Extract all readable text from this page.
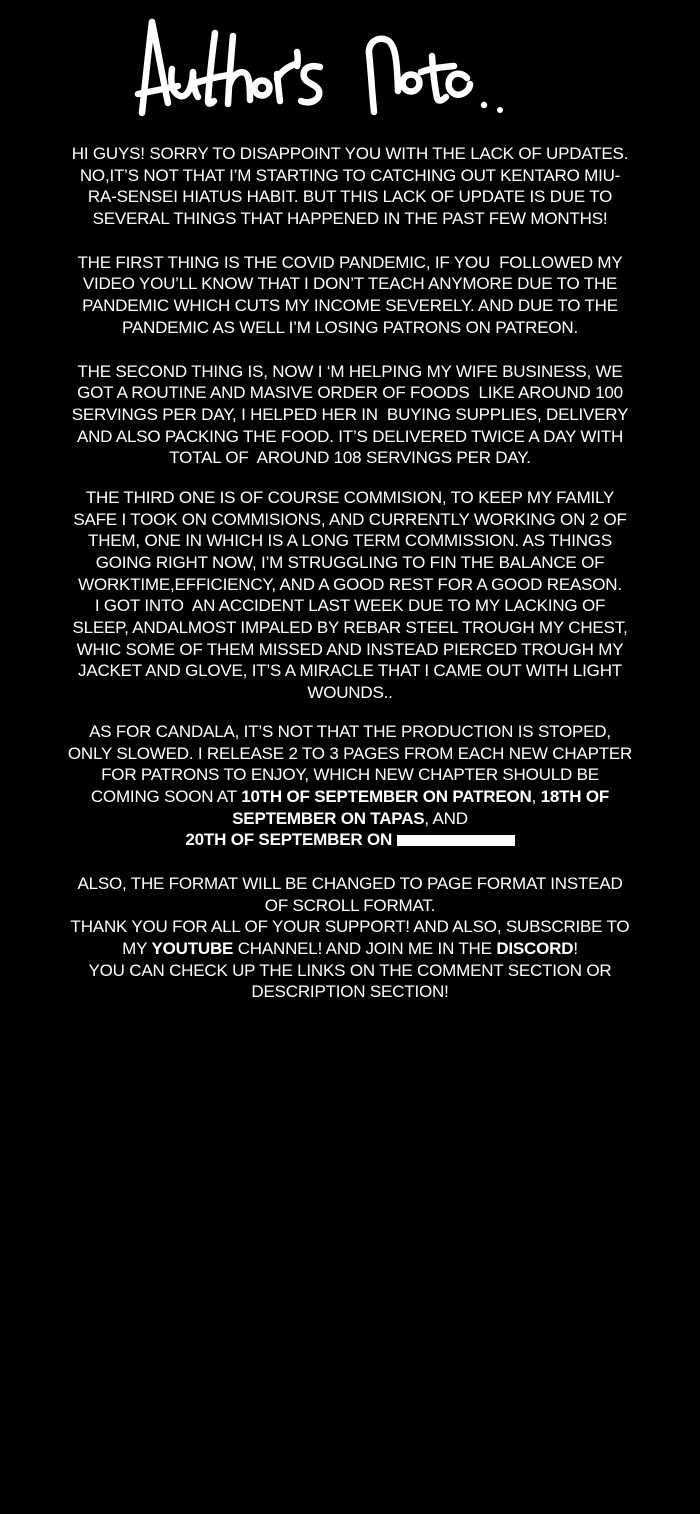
HI GUYS! SORRY TO DISAPPOINT YOU WITH THE LACK OF UPDATES.
NO,IT’S NOT THAT I’M STARTING TO CATCHING OUT KENTARO MIU-
RA-SENSEI HIATUS HABIT. BUT THIS LACK OF UPDATE IS DUE TO
SEVERAL THINGS THAT HAPPENED IN THE PAST FEW MONTHS!
THE FIRST THING IS THE COVID PANDEMIC, IF YOU  FOLLOWED MY
VIDEO YOU’LL KNOW THAT I DON’T TEACH ANYMORE DUE TO THE
PANDEMIC WHICH CUTS MY INCOME SEVERELY. AND DUE TO THE
PANDEMIC AS WELL I’M LOSING PATRONS ON PATREON.
THE SECOND THING IS, NOW I ‘M HELPING MY WIFE BUSINESS, WE
GOT A ROUTINE AND MASIVE ORDER OF FOODS  LIKE AROUND 100
SERVINGS PER DAY, I HELPED HER IN  BUYING SUPPLIES, DELIVERY
AND ALSO PACKING THE FOOD. IT’S DELIVERED TWICE A DAY WITH
TOTAL OF  AROUND 108 SERVINGS PER DAY.
THE THIRD ONE IS OF COURSE COMMISION, TO KEEP MY FAMILY
SAFE I TOOK ON COMMISIONS, AND CURRENTLY WORKING ON 2 OF
THEM, ONE IN WHICH IS A LONG TERM COMMISSION. AS THINGS
GOING RIGHT NOW, I’M STRUGGLING TO FIN THE BALANCE OF
WORKTIME,EFFICIENCY, AND A GOOD REST FOR A GOOD REASON.
I GOT INTO  AN ACCIDENT LAST WEEK DUE TO MY LACKING OF
SLEEP, ANDALMOST IMPALED BY REBAR STEEL TROUGH MY CHEST,
WHIC SOME OF THEM MISSED AND INSTEAD PIERCED TROUGH MY
JACKET AND GLOVE, IT’S A MIRACLE THAT I CAME OUT WITH LIGHT
WOUNDS..
AS FOR CANDALA, IT’S NOT THAT THE PRODUCTION IS STOPED,
ONLY SLOWED. I RELEASE 2 TO 3 PAGES FROM EACH NEW CHAPTER
FOR PATRONS TO ENJOY, WHICH NEW CHAPTER SHOULD BE
COMING SOON AT 10TH OF SEPTEMBER ON PATREON, 18TH OF
SEPTEMBER ON TAPAS, AND
20TH OF SEPTEMBER ON
ALSO, THE FORMAT WILL BE CHANGED TO PAGE FORMAT INSTEAD
OF SCROLL FORMAT.
THANK YOU FOR ALL OF YOUR SUPPORT! AND ALSO, SUBSCRIBE TO
MY YOUTUBE CHANNEL! AND JOIN ME IN THE DISCORD!
YOU CAN CHECK UP THE LINKS ON THE COMMENT SECTION OR
DESCRIPTION SECTION!
